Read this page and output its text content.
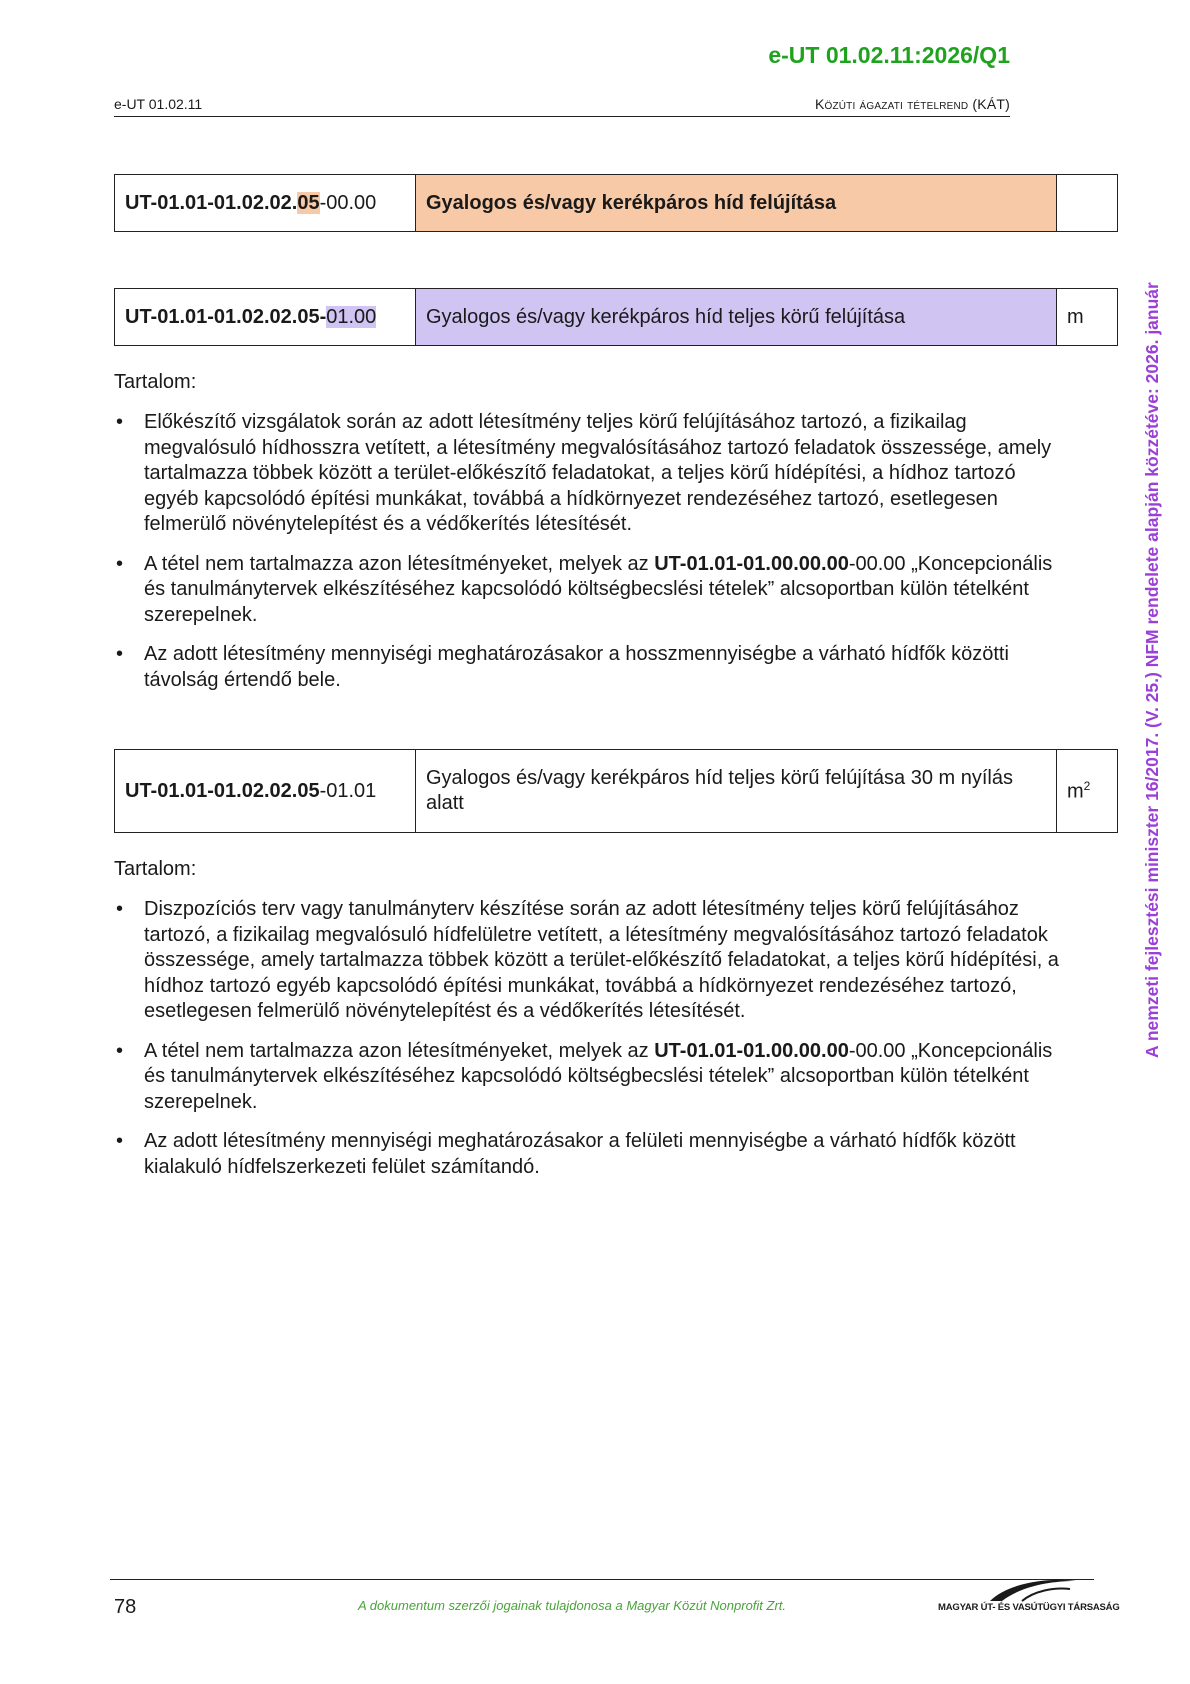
e-UT 01.02.11:2026/Q1
e-UT 01.02.11	Közúti ágazati tételrend (KÁT)
A nemzeti fejlesztési miniszter 16/2017. (V. 25.) NFM rendelete alapján közzétéve: 2026. január
UT-01.01-01.02.02.05-00.00	Gyalogos és/vagy kerékpáros híd felújítása	
UT-01.01-01.02.02.05-01.00	Gyalogos és/vagy kerékpáros híd teljes körű felújítása	m
Tartalom:
• Előkészítő vizsgálatok során az adott létesítmény teljes körű felújításához tartozó, a fizikailag megvalósuló hídhosszra vetített, a létesítmény megvalósításához tartozó feladatok összessége, amely tartalmazza többek között a terület-előkészítő feladatokat, a teljes körű hídépítési, a hídhoz tartozó egyéb kapcsolódó építési munkákat, továbbá a hídkörnyezet rendezéséhez tartozó, esetlegesen felmerülő növénytelepítést és a védőkerítés létesítését.
• A tétel nem tartalmazza azon létesítményeket, melyek az UT-01.01-01.00.00.00-00.00 „Koncepcionális és tanulmánytervek elkészítéséhez kapcsolódó költségbecslési tételek” alcsoportban külön tételként szerepelnek.
• Az adott létesítmény mennyiségi meghatározásakor a hosszmennyiségbe a várható hídfők közötti távolság értendő bele.
UT-01.01-01.02.02.05-01.01	Gyalogos és/vagy kerékpáros híd teljes körű felújítása 30 m nyílás alatt	$m^2$
Tartalom:
• Diszpozíciós terv vagy tanulmányterv készítése során az adott létesítmény teljes körű felújításához tartozó, a fizikailag megvalósuló hídfelületre vetített, a létesítmény megvalósításához tartozó feladatok összessége, amely tartalmazza többek között a terület-előkészítő feladatokat, a teljes körű hídépítési, a hídhoz tartozó egyéb kapcsolódó építési munkákat, továbbá a hídkörnyezet rendezéséhez tartozó, esetlegesen felmerülő növénytelepítést és a védőkerítés létesítését.
• A tétel nem tartalmazza azon létesítményeket, melyek az UT-01.01-01.00.00.00-00.00 „Koncepcionális és tanulmánytervek elkészítéséhez kapcsolódó költségbecslési tételek” alcsoportban külön tételként szerepelnek.
• Az adott létesítmény mennyiségi meghatározásakor a felületi mennyiségbe a várható hídfők között kialakuló hídfelszerkezeti felület számítandó.
78	A dokumentum szerzői jogainak tulajdonosa a Magyar Közút Nonprofit Zrt.	MAGYAR ÚT- ÉS VASÚTÜGYI TÁRSASÁG
